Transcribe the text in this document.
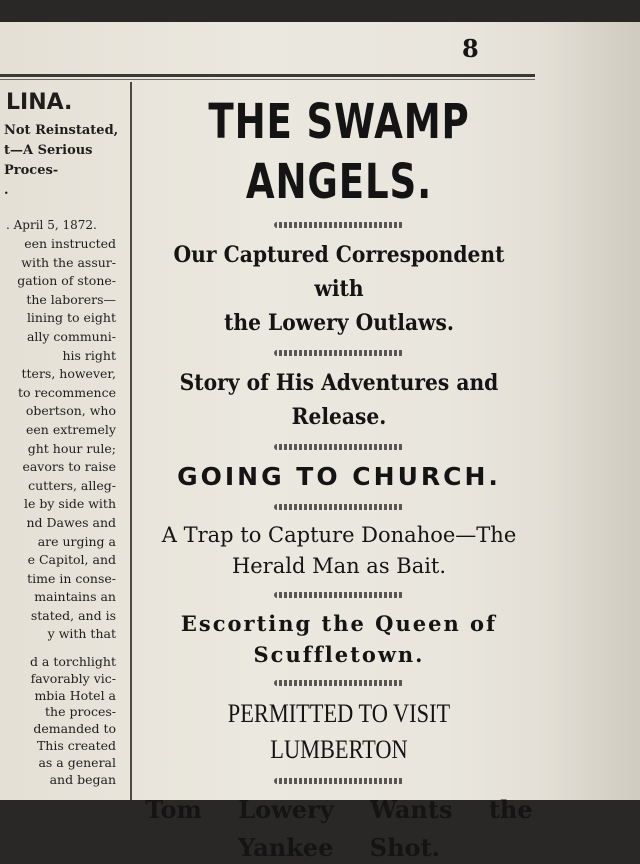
8
LINA.
Not Reinstated,
t—A Serious
Proces-
.
. April 5, 1872.
een instructed
with the assur-
gation of stone-
the laborers—
lining to eight
ally communi-
his right
tters, however,
to recommence
obertson, who
een extremely
ght hour rule;
eavors to raise
cutters, alleg-
le by side with
nd Dawes and
are urging a
e Capitol, and
time in conse-
maintains an
stated, and is
y with that
d a torchlight
favorably vic-
mbia Hotel a
the proces-
demanded to
This created
as a general
and began
THE SWAMP ANGELS.
Our Captured Correspondent with
the Lowery Outlaws.
Story of His Adventures and
Release.
GOING TO CHURCH.
A Trap to Capture Donahoe—The
Herald Man as Bait.
Escorting the Queen of
Scuffletown.
PERMITTED TO VISIT LUMBERTON
Tom Lowery Wants the
Yankee Shot.
